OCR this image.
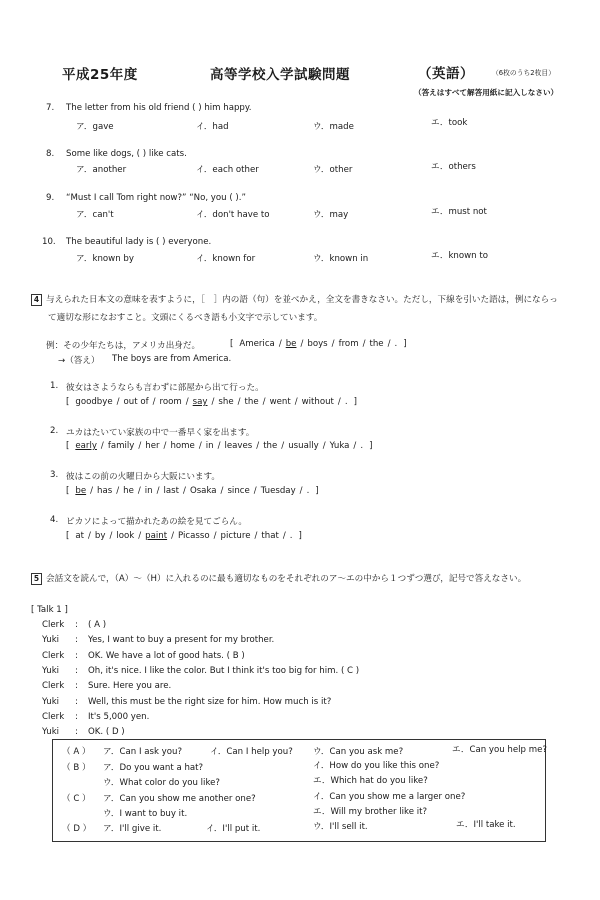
平成25年度	高等学校入学試験問題	（英語）	（6枚のうち2枚目）
（答えはすべて解答用紙に記入しなさい）
7. The letter from his old friend ( ) him happy.
ア．gave	イ．had	ウ．made	エ．took
8. Some like dogs, ( ) like cats.
ア．another	イ．each other	ウ．other	エ．others
9. “Must I call Tom right now?” “No, you ( ).”
ア．can't	イ．don't have to	ウ．may	エ．must not
10. The beautiful lady is ( ) everyone.
ア．known by	イ．known for	ウ．known in	エ．known to
4 与えられた日本文の意味を表すように，［　］内の語（句）を並べかえ，全文を書きなさい。ただし，下線を引いた語は，例にならっ
て適切な形になおすこと。文頭にくるべき語も小文字で示しています。
例：その少年たちは，アメリカ出身だ。	[ America / be / boys / from / the / . ]
→（答え） The boys are from America.
1. 彼女はさようならも言わずに部屋から出て行った。
[ goodbye / out of / room / say / she / the / went / without / . ]
2. ユカはたいてい家族の中で一番早く家を出ます。
[ early / family / her / home / in / leaves / the / usually / Yuka / . ]
3. 彼はこの前の火曜日から大阪にいます。
[ be / has / he / in / last / Osaka / since / Tuesday / . ]
4. ピカソによって描かれたあの絵を見てごらん。
[ at / by / look / paint / Picasso / picture / that / . ]
5 会話文を読んで，（A）～（H）に入れるのに最も適切なものをそれぞれのア～エの中から１つずつ選び，記号で答えなさい。
[ Talk 1 ]
Clerk : ( A )
Yuki : Yes, I want to buy a present for my brother.
Clerk : OK. We have a lot of good hats. ( B )
Yuki : Oh, it's nice. I like the color. But I think it's too big for him. ( C )
Clerk : Sure. Here you are.
Yuki : Well, this must be the right size for him. How much is it?
Clerk : It's 5,000 yen.
Yuki : OK. ( D )
（ A ） ア．Can I ask you?	イ．Can I help you? ウ．Can you ask me?	エ．Can you help me?
（ B ） ア．Do you want a hat?	イ．How do you like this one?
ウ．What color do you like?	エ．Which hat do you like?
（ C ） ア．Can you show me another one?	イ．Can you show me a larger one?
ウ．I want to buy it.	エ．Will my brother like it?
（ D ） ア．I'll give it.	イ．I'll put it.	ウ．I'll sell it.	エ．I'll take it.
